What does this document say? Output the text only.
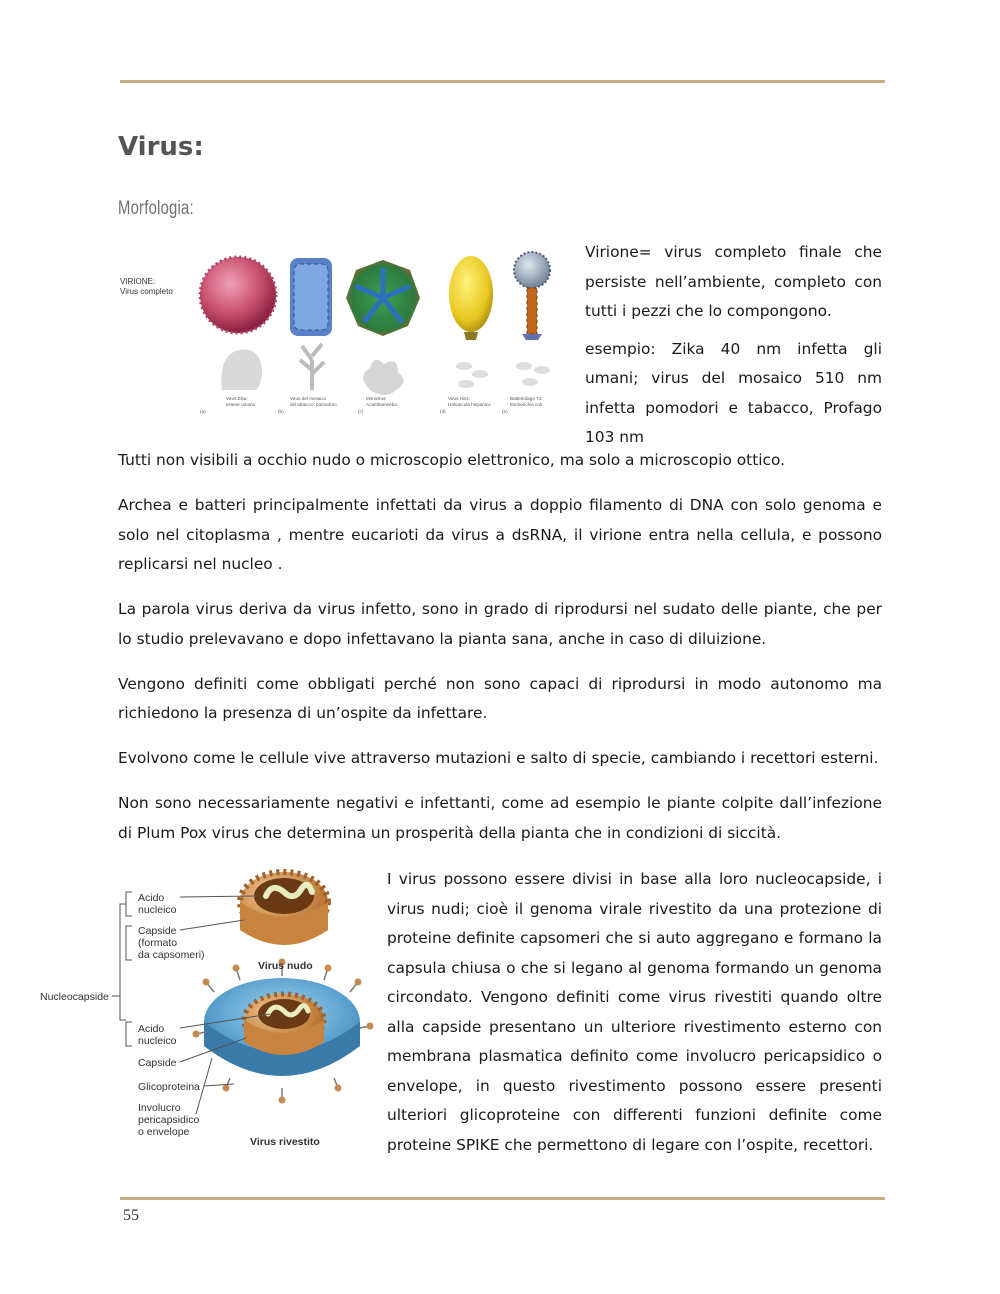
Virus:
Morfologia:
VIRIONE:
Virus completo
Virus Zika:
essere umano
(a)
Virus del mosaico
del tabacco: pomodoro
(b)
Mimivirus:
Acanthamoeba
(c)
Virus His1:
Haloarcula hispanica
(d)
Batteriofago T4:
Escherichia coli
(e)

Virione= virus completo finale che persiste nell’ambiente, completo con tutti i pezzi che lo compongono.

esempio: Zika 40 nm infetta gli umani; virus del mosaico 510 nm infetta pomodori e tabacco, Profago 103 nm

Tutti non visibili a occhio nudo o microscopio elettronico, ma solo a microscopio ottico.

Archea e batteri principalmente infettati da virus a doppio filamento di DNA con solo genoma e solo nel citoplasma , mentre eucarioti da virus a dsRNA, il virione entra nella cellula, e possono replicarsi nel nucleo .

La parola virus deriva da virus infetto, sono in grado di riprodursi nel sudato delle piante, che per lo studio prelevavano e dopo infettavano la pianta sana, anche in caso di diluizione.

Vengono definiti come obbligati perché non sono capaci di riprodursi in modo autonomo ma richiedono la presenza di un’ospite da infettare.

Evolvono come le cellule vive attraverso mutazioni e salto di specie, cambiando i recettori esterni.

Non sono necessariamente negativi e infettanti, come ad esempio le piante colpite dall’infezione di Plum Pox virus che determina un prosperità della pianta che in condizioni di siccità.

Acido
nucleico
Capside
(formato
da capsomeri)
Virus nudo
Nucleocapside
Acido
nucleico
Capside
Glicoproteina
Involucro
pericapsidico
o envelope
Virus rivestito

I virus possono essere divisi in base alla loro nucleocapside, i virus nudi; cioè il genoma virale rivestito da una protezione di proteine definite capsomeri che si auto aggregano e formano la capsula chiusa o che si legano al genoma formando un genoma circondato. Vengono definiti come virus rivestiti quando oltre alla capside presentano un ulteriore rivestimento esterno con membrana plasmatica definito come involucro pericapsidico o envelope, in questo rivestimento possono essere presenti ulteriori glicoproteine con differenti funzioni definite come proteine SPIKE che permettono di legare con l’ospite, recettori.

55
